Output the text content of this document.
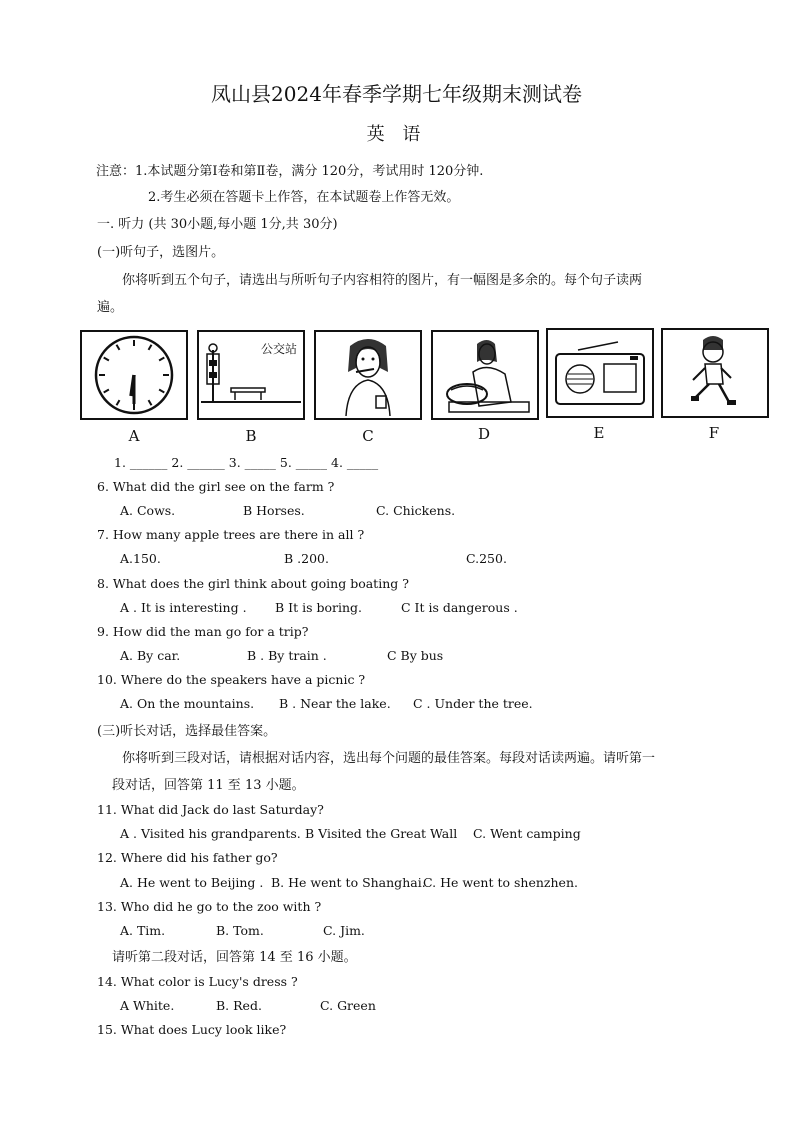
凤山县2024年春季学期七年级期末测试卷
英 语
注意：1.本试题分第Ⅰ卷和第Ⅱ卷，满分 120分，考试用时 120分钟.
2.考生必须在答题卡上作答，在本试题卷上作答无效。
一. 听力 (共 30小题,每小题 1分,共 30分)
(一)听句子，选图片。
你将听到五个句子，请选出与所听句子内容相符的图片，有一幅图是多余的。每个句子读两
遍。
公交站
A	B	C	D	E	F
1. ______ 2. ______ 3. _____ 5. _____ 4. _____
6. What did the girl see on the farm ?
A. Cows.	B Horses.	C. Chickens.
7. How many apple trees are there in all ?
A.150.	B .200.	C.250.
8. What does the girl think about going boating ?
A . It is interesting . B It is boring.	C It is dangerous .
9. How did the man go for a trip?
A. By car.	B . By train .	C By bus
10. Where do the speakers have a picnic ?
A. On the mountains. B . Near the lake. C . Under the tree.
(三)听长对话，选择最佳答案。
你将听到三段对话，请根据对话内容，选出每个问题的最佳答案。每段对话读两遍。请听第一
段对话，回答第 11 至 13 小题。
11. What did Jack do last Saturday?
A . Visited his grandparents. B Visited the Great Wall C. Went camping
12. Where did his father go?
A. He went to Beijing . B. He went to Shanghai.
C. He went to shenzhen.
13. Who did he go to the zoo with ?
A. Tim.	B. Tom.	C. Jim.
请听第二段对话，回答第 14 至 16 小题。
14. What color is Lucy's dress ?
A White.	B. Red.	C. Green
15. What does Lucy look like?
